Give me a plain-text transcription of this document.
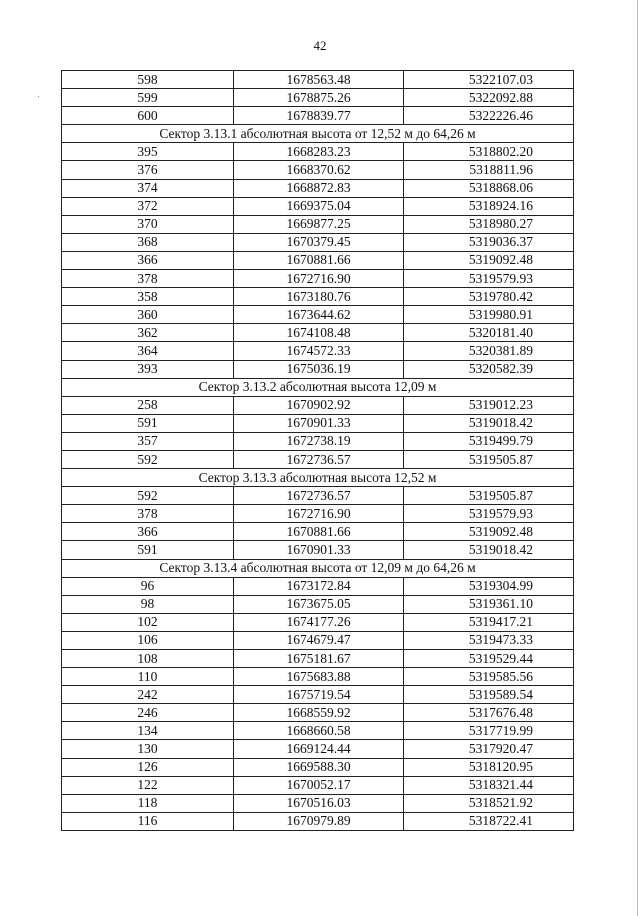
42
598	1678563.48	5322107.03
599	1678875.26	5322092.88
600	1678839.77	5322226.46
Сектор 3.13.1 абсолютная высота от 12,52 м до 64,26 м		
395	1668283.23	5318802.20
376	1668370.62	5318811.96
374	1668872.83	5318868.06
372	1669375.04	5318924.16
370	1669877.25	5318980.27
368	1670379.45	5319036.37
366	1670881.66	5319092.48
378	1672716.90	5319579.93
358	1673180.76	5319780.42
360	1673644.62	5319980.91
362	1674108.48	5320181.40
364	1674572.33	5320381.89
393	1675036.19	5320582.39
Сектор 3.13.2 абсолютная высота 12,09 м		
258	1670902.92	5319012.23
591	1670901.33	5319018.42
357	1672738.19	5319499.79
592	1672736.57	5319505.87
Сектор 3.13.3 абсолютная высота 12,52 м		
592	1672736.57	5319505.87
378	1672716.90	5319579.93
366	1670881.66	5319092.48
591	1670901.33	5319018.42
Сектор 3.13.4 абсолютная высота от 12,09 м до 64,26 м		
96	1673172.84	5319304.99
98	1673675.05	5319361.10
102	1674177.26	5319417.21
106	1674679.47	5319473.33
108	1675181.67	5319529.44
110	1675683.88	5319585.56
242	1675719.54	5319589.54
246	1668559.92	5317676.48
134	1668660.58	5317719.99
130	1669124.44	5317920.47
126	1669588.30	5318120.95
122	1670052.17	5318321.44
118	1670516.03	5318521.92
116	1670979.89	5318722.41
